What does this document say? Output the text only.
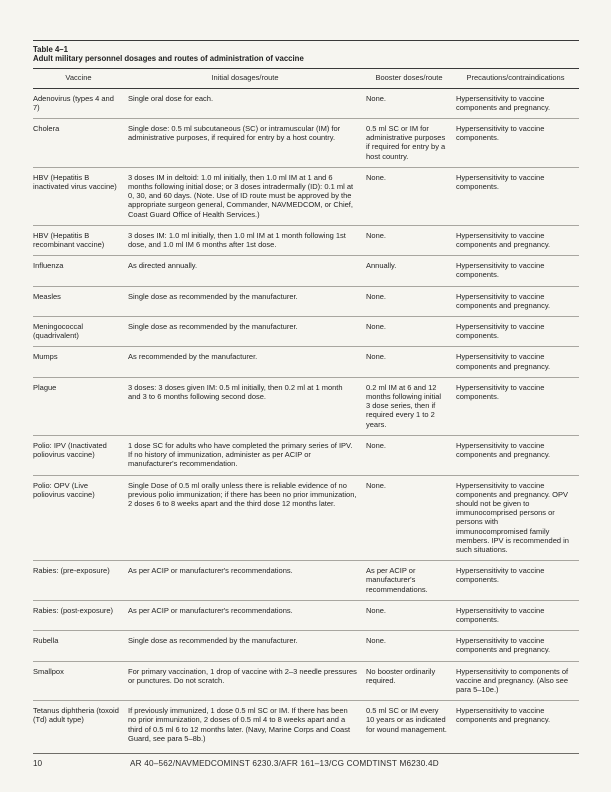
Table 4–1
Adult military personnel dosages and routes of administration of vaccine
Vaccine	Initial dosages/route	Booster doses/route	Precautions/contraindications
Adenovirus (types 4 and 7)	Single oral dose for each.	None.	Hypersensitivity to vaccine components and pregnancy.
Cholera	Single dose: 0.5 ml subcutaneous (SC) or intramuscular (IM) for administrative purposes, if required for entry by a host country.	0.5 ml SC or IM for administrative purposes if required for entry by a host country.	Hypersensitivity to vaccine components.
HBV (Hepatitis B inactivated virus vaccine)	3 doses IM in deltoid: 1.0 ml initially, then 1.0 ml IM at 1 and 6 months following initial dose; or 3 doses intradermally (ID): 0.1 ml at 0, 30, and 60 days. (Note. Use of ID route must be approved by the appropriate surgeon general, Commander, NAVMEDCOM, or Chief, Coast Guard Office of Health Services.)	None.	Hypersensitivity to vaccine components.
HBV (Hepatitis B recombinant vaccine)	3 doses IM: 1.0 ml initially, then 1.0 ml IM at 1 month following 1st dose, and 1.0 ml IM 6 months after 1st dose.	None.	Hypersensitivity to vaccine components and pregnancy.
Influenza	As directed annually.	Annually.	Hypersensitivity to vaccine components.
Measles	Single dose as recommended by the manufacturer.	None.	Hypersensitivity to vaccine components and pregnancy.
Meningococcal (quadrivalent)	Single dose as recommended by the manufacturer.	None.	Hypersensitivity to vaccine components.
Mumps	As recommended by the manufacturer.	None.	Hypersensitivity to vaccine components and pregnancy.
Plague	3 doses: 3 doses given IM: 0.5 ml initially, then 0.2 ml at 1 month and 3 to 6 months following second dose.	0.2 ml IM at 6 and 12 months following initial 3 dose series, then if required every 1 to 2 years.	Hypersensitivity to vaccine components.
Polio: IPV (Inactivated poliovirus vaccine)	1 dose SC for adults who have completed the primary series of IPV. If no history of immunization, administer as per ACIP or manufacturer's recommendation.	None.	Hypersensitivity to vaccine components and pregnancy.
Polio: OPV (Live poliovirus vaccine)	Single Dose of 0.5 ml orally unless there is reliable evidence of no previous polio immunization; if there has been no prior immunization, 2 doses 6 to 8 weeks apart and the third dose 12 months later.	None.	Hypersensitivity to vaccine components and pregnancy. OPV should not be given to immunocomprised persons or persons with immunocompromised family members. IPV is recommended in such situations.
Rabies: (pre-exposure)	As per ACIP or manufacturer's recommendations.	As per ACIP or manufacturer's recommendations.	Hypersensitivity to vaccine components.
Rabies: (post-exposure)	As per ACIP or manufacturer's recommendations.	None.	Hypersensitivity to vaccine components.
Rubella	Single dose as recommended by the manufacturer.	None.	Hypersensitivity to vaccine components and pregnancy.
Smallpox	For primary vaccination, 1 drop of vaccine with 2–3 needle pressures or punctures. Do not scratch.	No booster ordinarily required.	Hypersensitivity to components of vaccine and pregnancy. (Also see para 5–10e.)
Tetanus diphtheria (toxoid (Td) adult type)	If previously immunized, 1 dose 0.5 ml SC or IM. If there has been no prior immunization, 2 doses of 0.5 ml 4 to 8 weeks apart and a third of 0.5 ml 6 to 12 months later. (Navy, Marine Corps and Coast Guard, see para 5–8b.)	0.5 ml SC or IM every 10 years or as indicated for wound management.	Hypersensitivity to vaccine components and pregnancy.
10	AR 40–562/NAVMEDCOMINST 6230.3/AFR 161–13/CG COMDTINST M6230.4D
